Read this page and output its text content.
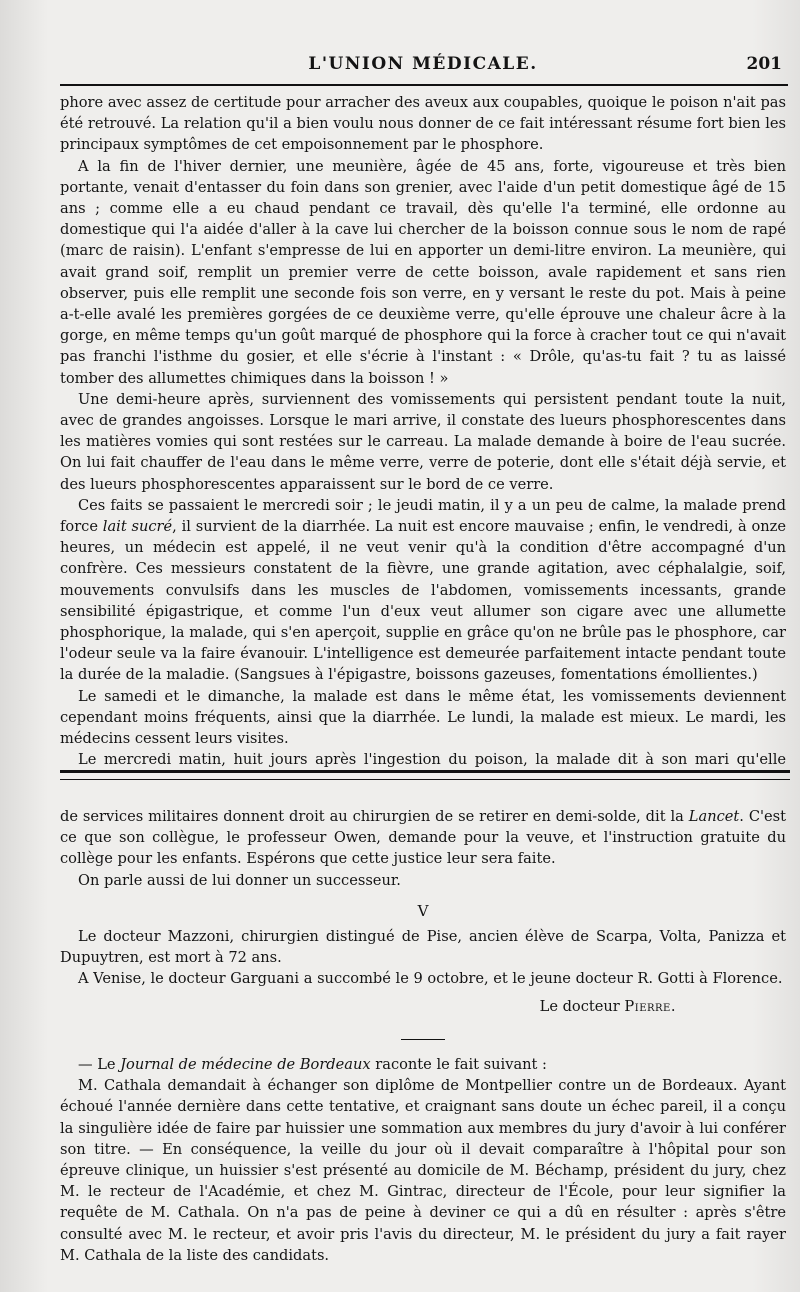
L'UNION MÉDICALE.	201

phore avec assez de certitude pour arracher des aveux aux coupables, quoique le poison n'ait pas été retrouvé. La relation qu'il a bien voulu nous donner de ce fait intéressant résume fort bien les principaux symptômes de cet empoisonnement par le phosphore.

A la fin de l'hiver dernier, une meunière, âgée de 45 ans, forte, vigoureuse et très bien portante, venait d'entasser du foin dans son grenier, avec l'aide d'un petit domestique âgé de 15 ans ; comme elle a eu chaud pendant ce travail, dès qu'elle l'a terminé, elle ordonne au domestique qui l'a aidée d'aller à la cave lui chercher de la boisson connue sous le nom de rapé (marc de raisin). L'enfant s'empresse de lui en apporter un demi-litre environ. La meunière, qui avait grand soif, remplit un premier verre de cette boisson, avale rapidement et sans rien observer, puis elle remplit une seconde fois son verre, en y versant le reste du pot. Mais à peine a-t-elle avalé les premières gorgées de ce deuxième verre, qu'elle éprouve une chaleur âcre à la gorge, en même temps qu'un goût marqué de phosphore qui la force à cracher tout ce qui n'avait pas franchi l'isthme du gosier, et elle s'écrie à l'instant : « Drôle, qu'as-tu fait ? tu as laissé tomber des allumettes chimiques dans la boisson ! »

Une demi-heure après, surviennent des vomissements qui persistent pendant toute la nuit, avec de grandes angoisses. Lorsque le mari arrive, il constate des lueurs phosphorescentes dans les matières vomies qui sont restées sur le carreau. La malade demande à boire de l'eau sucrée. On lui fait chauffer de l'eau dans le même verre, verre de poterie, dont elle s'était déjà servie, et des lueurs phosphorescentes apparaissent sur le bord de ce verre.

Ces faits se passaient le mercredi soir ; le jeudi matin, il y a un peu de calme, la malade prend force lait sucré, il survient de la diarrhée. La nuit est encore mauvaise ; enfin, le vendredi, à onze heures, un médecin est appelé, il ne veut venir qu'à la condition d'être accompagné d'un confrère. Ces messieurs constatent de la fièvre, une grande agitation, avec céphalalgie, soif, mouvements convulsifs dans les muscles de l'abdomen, vomissements incessants, grande sensibilité épigastrique, et comme l'un d'eux veut allumer son cigare avec une allumette phosphorique, la malade, qui s'en aperçoit, supplie en grâce qu'on ne brûle pas le phosphore, car l'odeur seule va la faire évanouir. L'intelligence est demeurée parfaitement intacte pendant toute la durée de la maladie. (Sangsues à l'épigastre, boissons gazeuses, fomentations émollientes.)

Le samedi et le dimanche, la malade est dans le même état, les vomissements deviennent cependant moins fréquents, ainsi que la diarrhée. Le lundi, la malade est mieux. Le mardi, les médecins cessent leurs visites.

Le mercredi matin, huit jours après l'ingestion du poison, la malade dit à son mari qu'elle

de services militaires donnent droit au chirurgien de se retirer en demi-solde, dit la Lancet. C'est ce que son collègue, le professeur Owen, demande pour la veuve, et l'instruction gratuite du collège pour les enfants. Espérons que cette justice leur sera faite.

On parle aussi de lui donner un successeur.

V

Le docteur Mazzoni, chirurgien distingué de Pise, ancien élève de Scarpa, Volta, Panizza et Dupuytren, est mort à 72 ans.

A Venise, le docteur Garguani a succombé le 9 octobre, et le jeune docteur R. Gotti à Florence.

Le docteur Pierre.

— Le Journal de médecine de Bordeaux raconte le fait suivant :

M. Cathala demandait à échanger son diplôme de Montpellier contre un de Bordeaux. Ayant échoué l'année dernière dans cette tentative, et craignant sans doute un échec pareil, il a conçu la singulière idée de faire par huissier une sommation aux membres du jury d'avoir à lui conférer son titre. — En conséquence, la veille du jour où il devait comparaître à l'hôpital pour son épreuve clinique, un huissier s'est présenté au domicile de M. Béchamp, président du jury, chez M. le recteur de l'Académie, et chez M. Gintrac, directeur de l'École, pour leur signifier la requête de M. Cathala. On n'a pas de peine à deviner ce qui a dû en résulter : après s'être consulté avec M. le recteur, et avoir pris l'avis du directeur, M. le président du jury a fait rayer M. Cathala de la liste des candidats.
